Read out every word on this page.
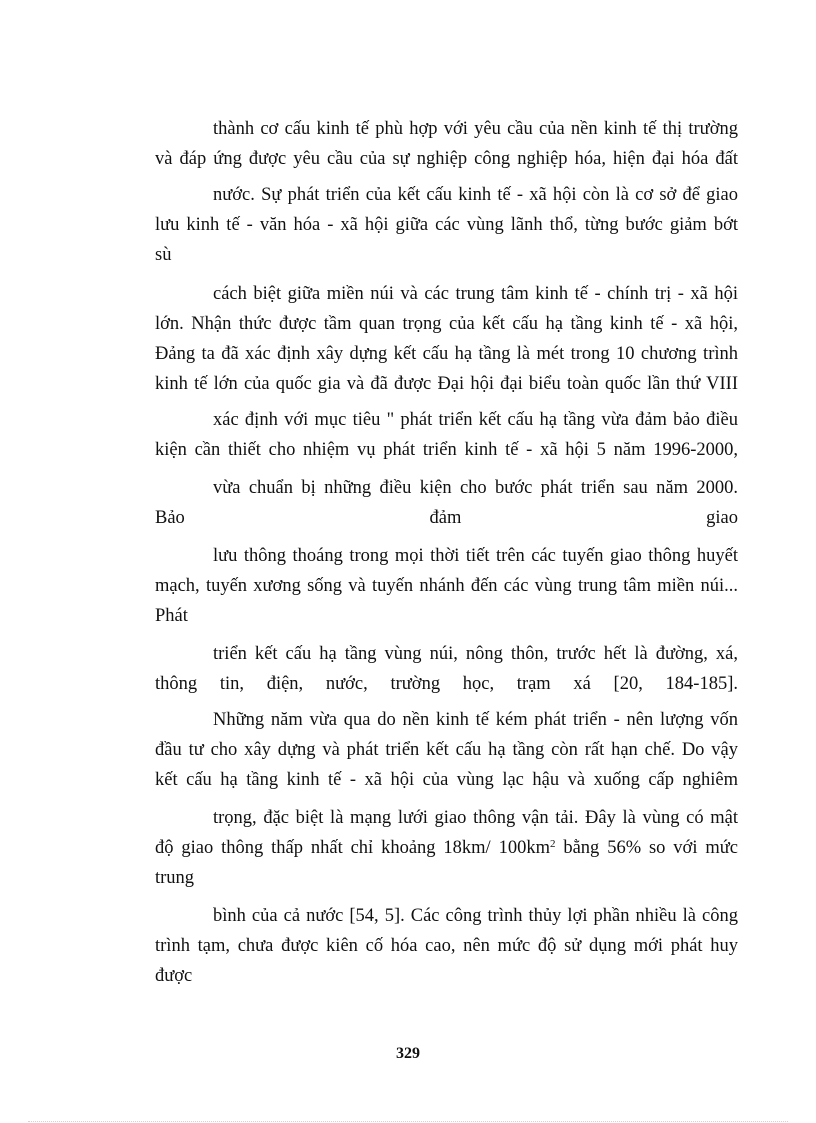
thành cơ cấu kinh tế phù hợp với yêu cầu của nền kinh tế thị trường
và đáp ứng được yêu cầu của sự nghiệp công nghiệp hóa, hiện đại hóa đất
nước. Sự phát triển của kết cấu kinh tế - xã hội còn là cơ sở để giao
lưu kinh tế - văn hóa - xã hội giữa các vùng lãnh thổ, từng bước giảm bớt
sù
cách biệt giữa miền núi và các trung tâm kinh tế - chính trị - xã hội
lớn. Nhận thức được tầm quan trọng của kết cấu hạ tầng kinh tế - xã hội,
Đảng ta đã xác định xây dựng kết cấu hạ tầng là mét trong 10 chương trình
kinh tế lớn của quốc gia và đã được Đại hội đại biểu toàn quốc lần thứ VIII
xác định với mục tiêu " phát triển kết cấu hạ tầng vừa đảm bảo điều
kiện cần thiết cho nhiệm vụ phát triển kinh tế - xã hội 5 năm 1996-2000,
vừa chuẩn bị những điều kiện cho bước phát triển sau năm 2000.
Bảo đảm giao
lưu thông thoáng trong mọi thời tiết trên các tuyến giao thông huyết
mạch, tuyến xương sống và tuyến nhánh đến các vùng trung tâm miền núi...
Phát
triển kết cấu hạ tầng vùng núi, nông thôn, trước hết là đường, xá,
thông tin, điện, nước, trường học, trạm xá [20, 184-185].
Những năm vừa qua do nền kinh tế kém phát triển - nên lượng vốn
đầu tư cho xây dựng và phát triển kết cấu hạ tầng còn rất hạn chế. Do vậy
kết cấu hạ tầng kinh tế - xã hội của vùng lạc hậu và xuống cấp nghiêm
trọng, đặc biệt là mạng lưới giao thông vận tải. Đây là vùng có mật
độ giao thông thấp nhất chỉ khoảng 18km/ $100km^2$ bằng 56% so với mức
trung
bình của cả nước [54, 5]. Các công trình thủy lợi phần nhiều là công
trình tạm, chưa được kiên cố hóa cao, nên mức độ sử dụng mới phát huy
được
329
